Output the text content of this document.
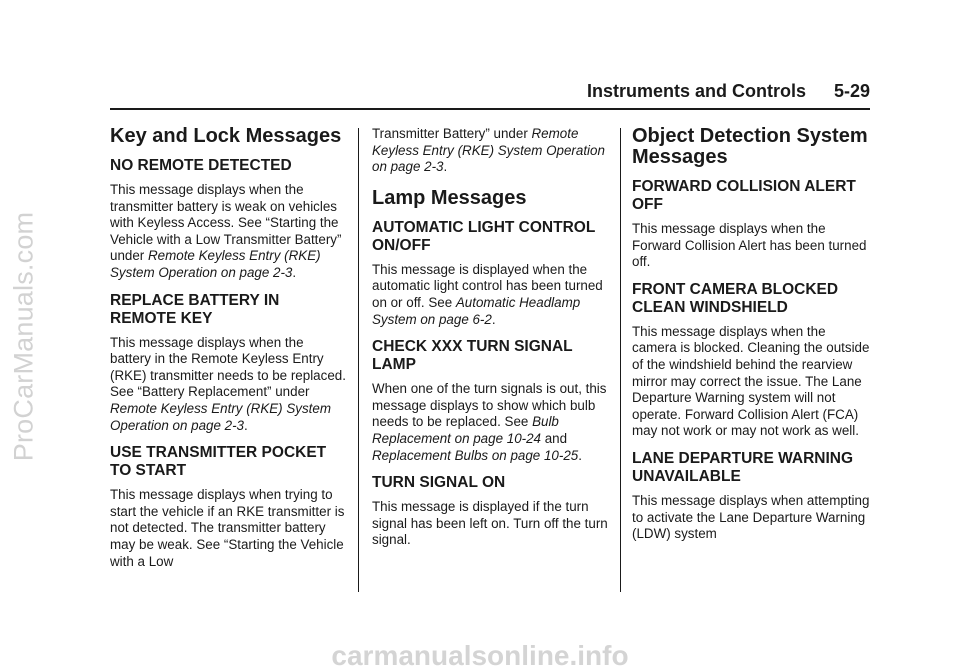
ProCarManuals.com
Instruments and Controls 5-29
Key and Lock Messages
NO REMOTE DETECTED

This message displays when the transmitter battery is weak on vehicles with Keyless Access. See “Starting the Vehicle with a Low Transmitter Battery” under Remote Keyless Entry (RKE) System Operation on page 2-3.

REPLACE BATTERY IN REMOTE KEY

This message displays when the battery in the Remote Keyless Entry (RKE) transmitter needs to be replaced. See “Battery Replacement” under Remote Keyless Entry (RKE) System Operation on page 2-3.

USE TRANSMITTER POCKET TO START

This message displays when trying to start the vehicle if an RKE transmitter is not detected. The transmitter battery may be weak. See “Starting the Vehicle with a Low

Transmitter Battery” under Remote Keyless Entry (RKE) System Operation on page 2-3.

Lamp Messages
AUTOMATIC LIGHT CONTROL ON/OFF

This message is displayed when the automatic light control has been turned on or off. See Automatic Headlamp System on page 6-2.

CHECK XXX TURN SIGNAL LAMP

When one of the turn signals is out, this message displays to show which bulb needs to be replaced. See Bulb Replacement on page 10-24 and Replacement Bulbs on page 10-25.

TURN SIGNAL ON

This message is displayed if the turn signal has been left on. Turn off the turn signal.

Object Detection System Messages
FORWARD COLLISION ALERT OFF

This message displays when the Forward Collision Alert has been turned off.

FRONT CAMERA BLOCKED CLEAN WINDSHIELD

This message displays when the camera is blocked. Cleaning the outside of the windshield behind the rearview mirror may correct the issue. The Lane Departure Warning system will not operate. Forward Collision Alert (FCA) may not work or may not work as well.

LANE DEPARTURE WARNING UNAVAILABLE

This message displays when attempting to activate the Lane Departure Warning (LDW) system

carmanualsonline.info
